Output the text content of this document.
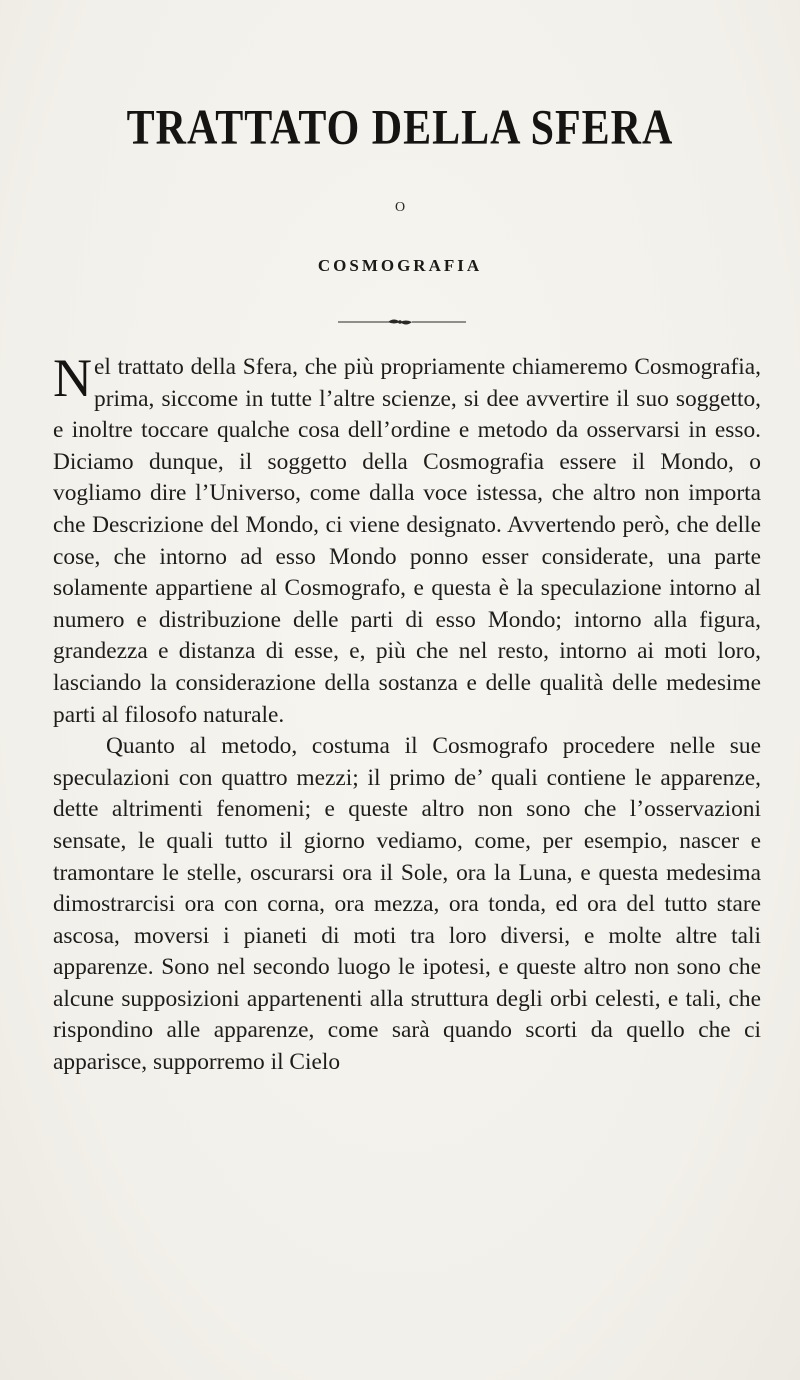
TRATTATO DELLA SFERA
O
COSMOGRAFIA

Nel trattato della Sfera, che più propriamente chiameremo Cosmografia, prima, siccome in tutte l’altre scienze, si dee avvertire il suo soggetto, e inoltre toccare qualche cosa dell’ordine e metodo da osservarsi in esso. Diciamo dunque, il soggetto della Cosmografia essere il Mondo, o vogliamo dire l’Universo, come dalla voce istessa, che altro non importa che Descrizione del Mondo, ci viene designato. Avvertendo però, che delle cose, che intorno ad esso Mondo ponno esser considerate, una parte solamente appartiene al Cosmografo, e questa è la speculazione intorno al numero e distribuzione delle parti di esso Mondo; intorno alla figura, grandezza e distanza di esse, e, più che nel resto, intorno ai moti loro, lasciando la considerazione della sostanza e delle qualità delle medesime parti al filosofo naturale.

Quanto al metodo, costuma il Cosmografo procedere nelle sue speculazioni con quattro mezzi; il primo de’ quali contiene le apparenze, dette altrimenti fenomeni; e queste altro non sono che l’osservazioni sensate, le quali tutto il giorno vediamo, come, per esempio, nascer e tramontare le stelle, oscurarsi ora il Sole, ora la Luna, e questa medesima dimostrarcisi ora con corna, ora mezza, ora tonda, ed ora del tutto stare ascosa, moversi i pianeti di moti tra loro diversi, e molte altre tali apparenze. Sono nel secondo luogo le ipotesi, e queste altro non sono che alcune supposizioni appartenenti alla struttura degli orbi celesti, e tali, che rispondino alle apparenze, come sarà quando scorti da quello che ci apparisce, supporremo il Cielo
